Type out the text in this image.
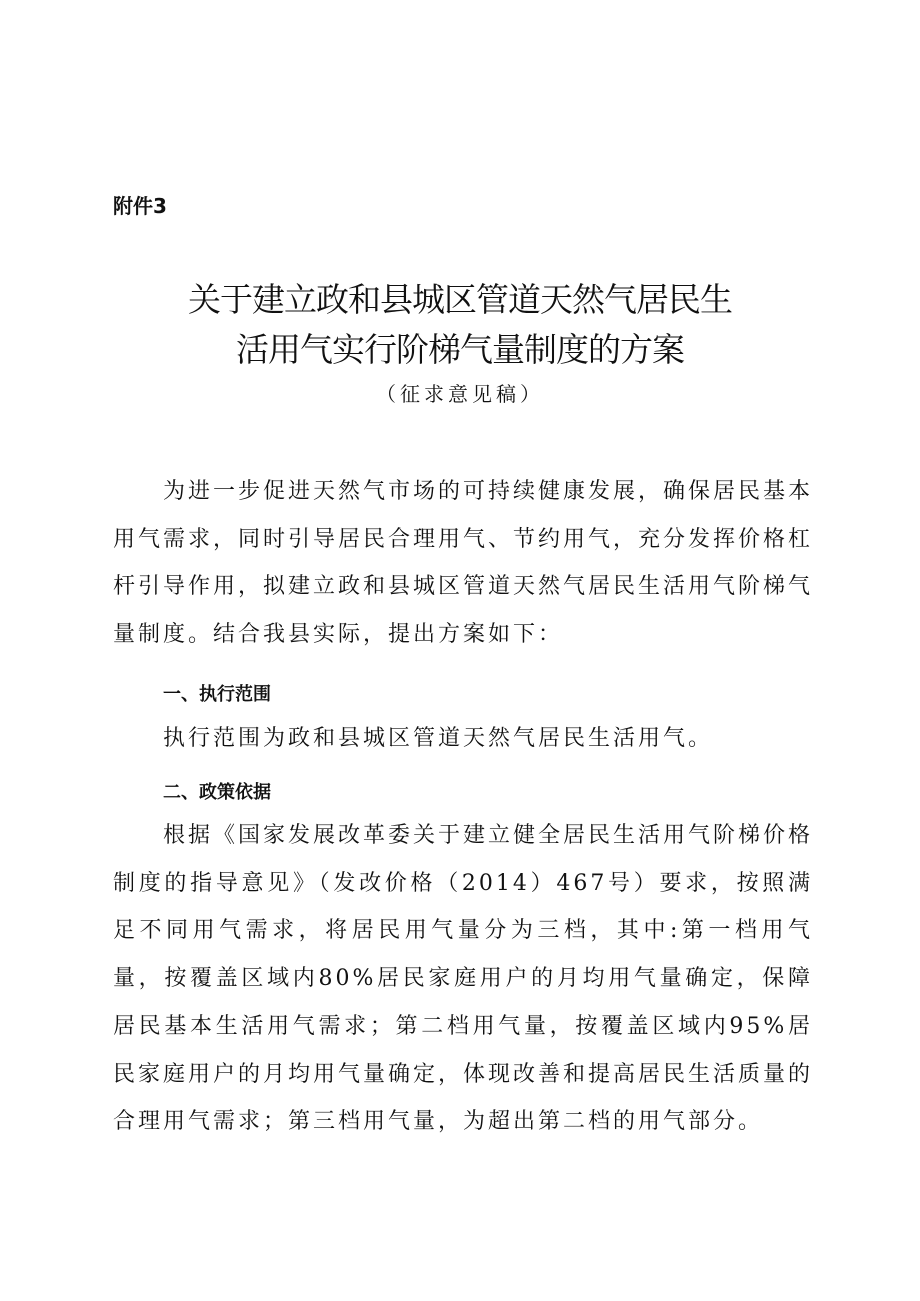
附件3
关于建立政和县城区管道天然气居民生
活用气实行阶梯气量制度的方案
（征求意见稿）
为进一步促进天然气市场的可持续健康发展，确保居民基本用气需求，同时引导居民合理用气、节约用气，充分发挥价格杠杆引导作用，拟建立政和县城区管道天然气居民生活用气阶梯气量制度。结合我县实际，提出方案如下：
一、执行范围
执行范围为政和县城区管道天然气居民生活用气。
二、政策依据
根据《国家发展改革委关于建立健全居民生活用气阶梯价格制度的指导意见》（发改价格（2014）467号）要求，按照满足不同用气需求，将居民用气量分为三档，其中:第一档用气量，按覆盖区域内80%居民家庭用户的月均用气量确定，保障居民基本生活用气需求；第二档用气量，按覆盖区域内95%居民家庭用户的月均用气量确定，体现改善和提高居民生活质量的合理用气需求；第三档用气量，为超出第二档的用气部分。
